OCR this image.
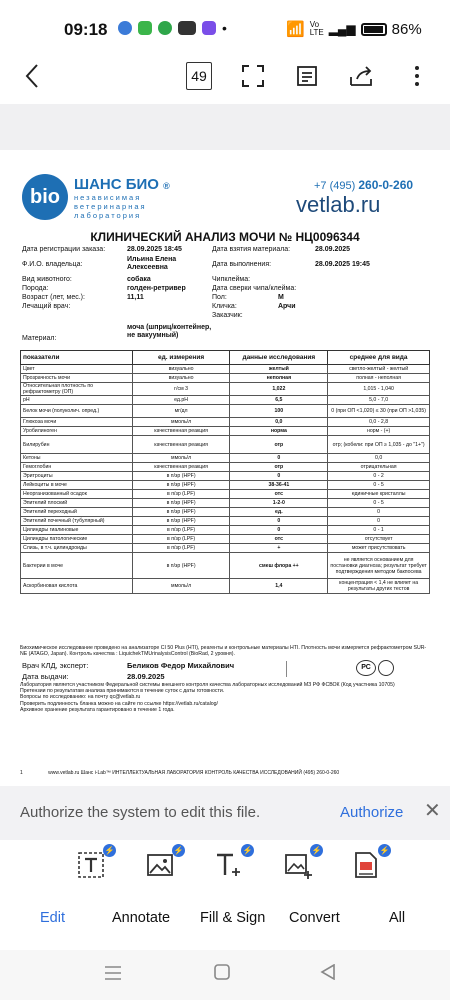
09:18	•	📶 Vo LTE ▂▄▆ 86%
49
bio
ШАНС БИО ®
независимая ветеринарная лаборатория
+7 (495) 260-0-260
vetlab.ru
КЛИНИЧЕСКИЙ АНАЛИЗ МОЧИ № НЦ0096344
Дата регистрации заказа:	28.09.2025 18:45
Ф.И.О. владельца:
Ильина Елена Алексеевна
Вид животного:	собака
Порода:	голден-ретривер
Возраст (лет, мес.):	11,11
Лечащий врач:
Материал:
моча (шприц/контейнер, не вакуумный)
Дата взятия материала:	28.09.2025
Дата выполнения:	28.09.2025 19:45
Чипклейма:
Дата сверки чипа/клейма:
Пол:	М
Кличка:	Арчи
Заказчик:
показатели	ед. измерения	данные исследования	среднее для вида
Цвет	визуально	желтый	светло-желтый - желтый
Прозрачность мочи	визуально	неполная	полная - неполная
Относительная плотность по рефрактометру (ОП)	г/см 3	1,022	1,015 - 1,040
pH	ед.pH	6,5	5,0 - 7,0
Белок мочи (полуколич. опред.)	мг/дл	100	0 (при ОП <1,020) ≤ 30 (при ОП >1,035)
Глюкоза мочи	ммоль/л	0,0	0,0 - 2,8
Уробилиноген	качественная реакция	норма	норм - (+)
Билирубин	качественная реакция	отр	отр; (кобели: при ОП ≥ 1,035 - до "1+")
Кетоны	ммоль/л	0	0,0
Гемоглобин	качественная реакция	отр	отрицательная
Эритроциты	в п/зр (HPF)	0	0 - 2
Лейкоциты в моче	в п/зр (HPF)	38-36-41	0 - 5
Неорганизованный осадок	в п/зр (LPF)	отс	единичные кристаллы
Эпителий плоский	в п/зр (HPF)	1-2-0	0 - 5
Эпителий переходный	в п/зр (HPF)	ед.	0
Эпителий почечный (тубулярный)	в п/зр (HPF)	0	0
Цилиндры гиалиновые	в п/зр (LPF)	0	0 - 1
Цилиндры патологические	в п/зр (LPF)	отс	отсутствует
Слизь, в т.ч. цилиндроиды	в п/зр (LPF)	+	может присутствовать
Бактерии в моче	в п/зр (HPF)	смеш флора ++	не является основанием для постановки диагноза; результат требует подтверждения методом бакпосева
Аскорбиновая кислота	ммоль/л	1,4	концентрация < 1,4 не влияет на результаты других тестов
Биохимическое исследование проведено на анализаторе CI 50 Plus (HTI), реагенты и контрольные материалы HTI. Плотность мочи измеряется рефрактометром SUR-NE (ATAGO, Japan). Контроль качества : LiquichekTMUrinalysisControl (BioRad, 2 уровня).
Врач КЛД, эксперт:	Беликов Федор Михайлович
Дата выдачи:	28.09.2025
РС
Лаборатория является участником Федеральной системы внешнего контроля качества лабораторных исследований МЗ РФ ФСВОК (Код участника 10705)
Претензии по результатам анализа принимаются в течение суток с даты готовности.
Вопросы по исследованию: на почту qc@vetlab.ru
Проверить подлинность бланка можно на сайте по ссылке https://vetlab.ru/catalog/
Архивное хранение результата гарантировано в течение 1 года.
1	www.vetlab.ru Шанс i-Lab™ ИНТЕЛЛЕКТУАЛЬНАЯ ЛАБОРАТОРИЯ КОНТРОЛЬ КАЧЕСТВА ИССЛЕДОВАНИЙ (495) 260-0-260
Authorize the system to edit this file.	Authorize ✕
⚡	⚡	⚡	⚡	⚡
Edit	Annotate Fill & Sign Convert	All
